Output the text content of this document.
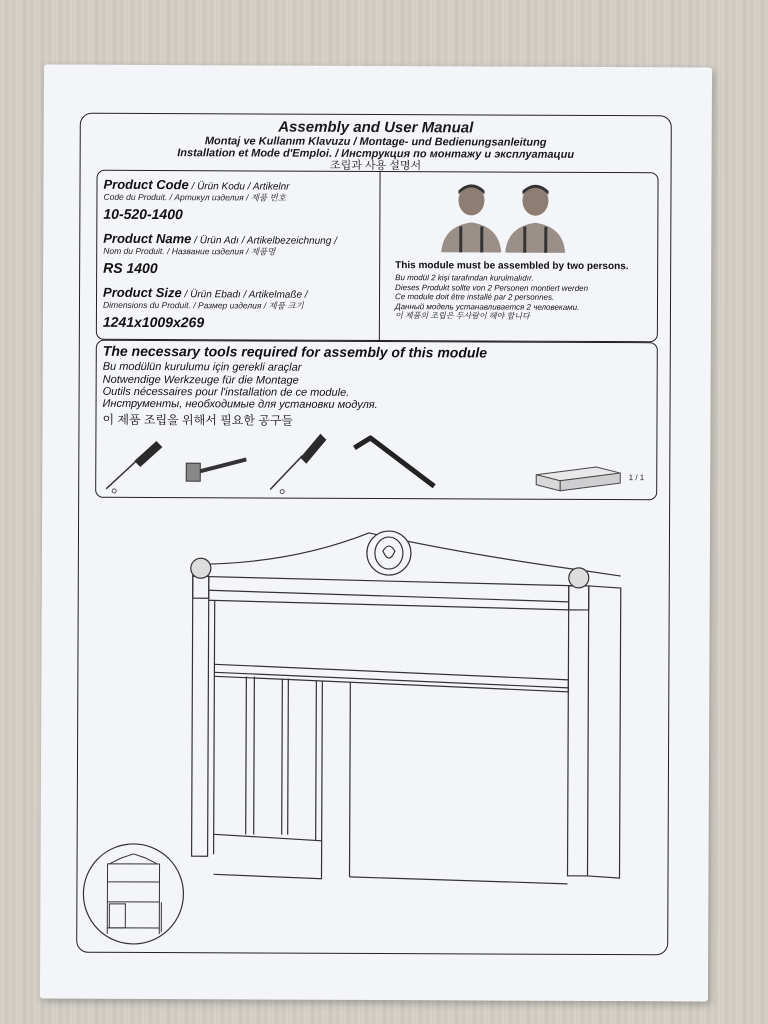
Assembly and User Manual
Montaj ve Kullanım Klavuzu / Montage- und Bedienungsanleitung
Installation et Mode d'Emploi. / Инструкция по монтажу и эксплуатации
조립과 사용 설명서
Product Code / Ürün Kodu / Artikelnr
Code du Produit. / Артикул изделия / 제품 번호
10-520-1400
Product Name / Ürün Adı / Artikelbezeichnung /
Nom du Produit. / Название изделия / 제품명
RS 1400
Product Size / Ürün Ebadı / Artikelmaße /
Dimensions du Produit. / Размер изделия / 제품 크기
1241x1009x269
This module must be assembled by two persons.
Bu modül 2 kişi tarafından kurulmalıdır.
Dieses Produkt sollte von 2 Personen montiert werden
Ce module doit être installé par 2 personnes.
Данный модель устанавливается 2 человеками.
이 제품의 조립은 두사람이 해야 합니다
The necessary tools required for assembly of this module
Bu modülün kurulumu için gerekli araçlar
Notwendige Werkzeuge für die Montage
Outils nécessaires pour l'installation de ce module.
Инструменты, необходимые для установки модуля.
이 제품 조립을 위해서 필요한 공구들
1 / 1
